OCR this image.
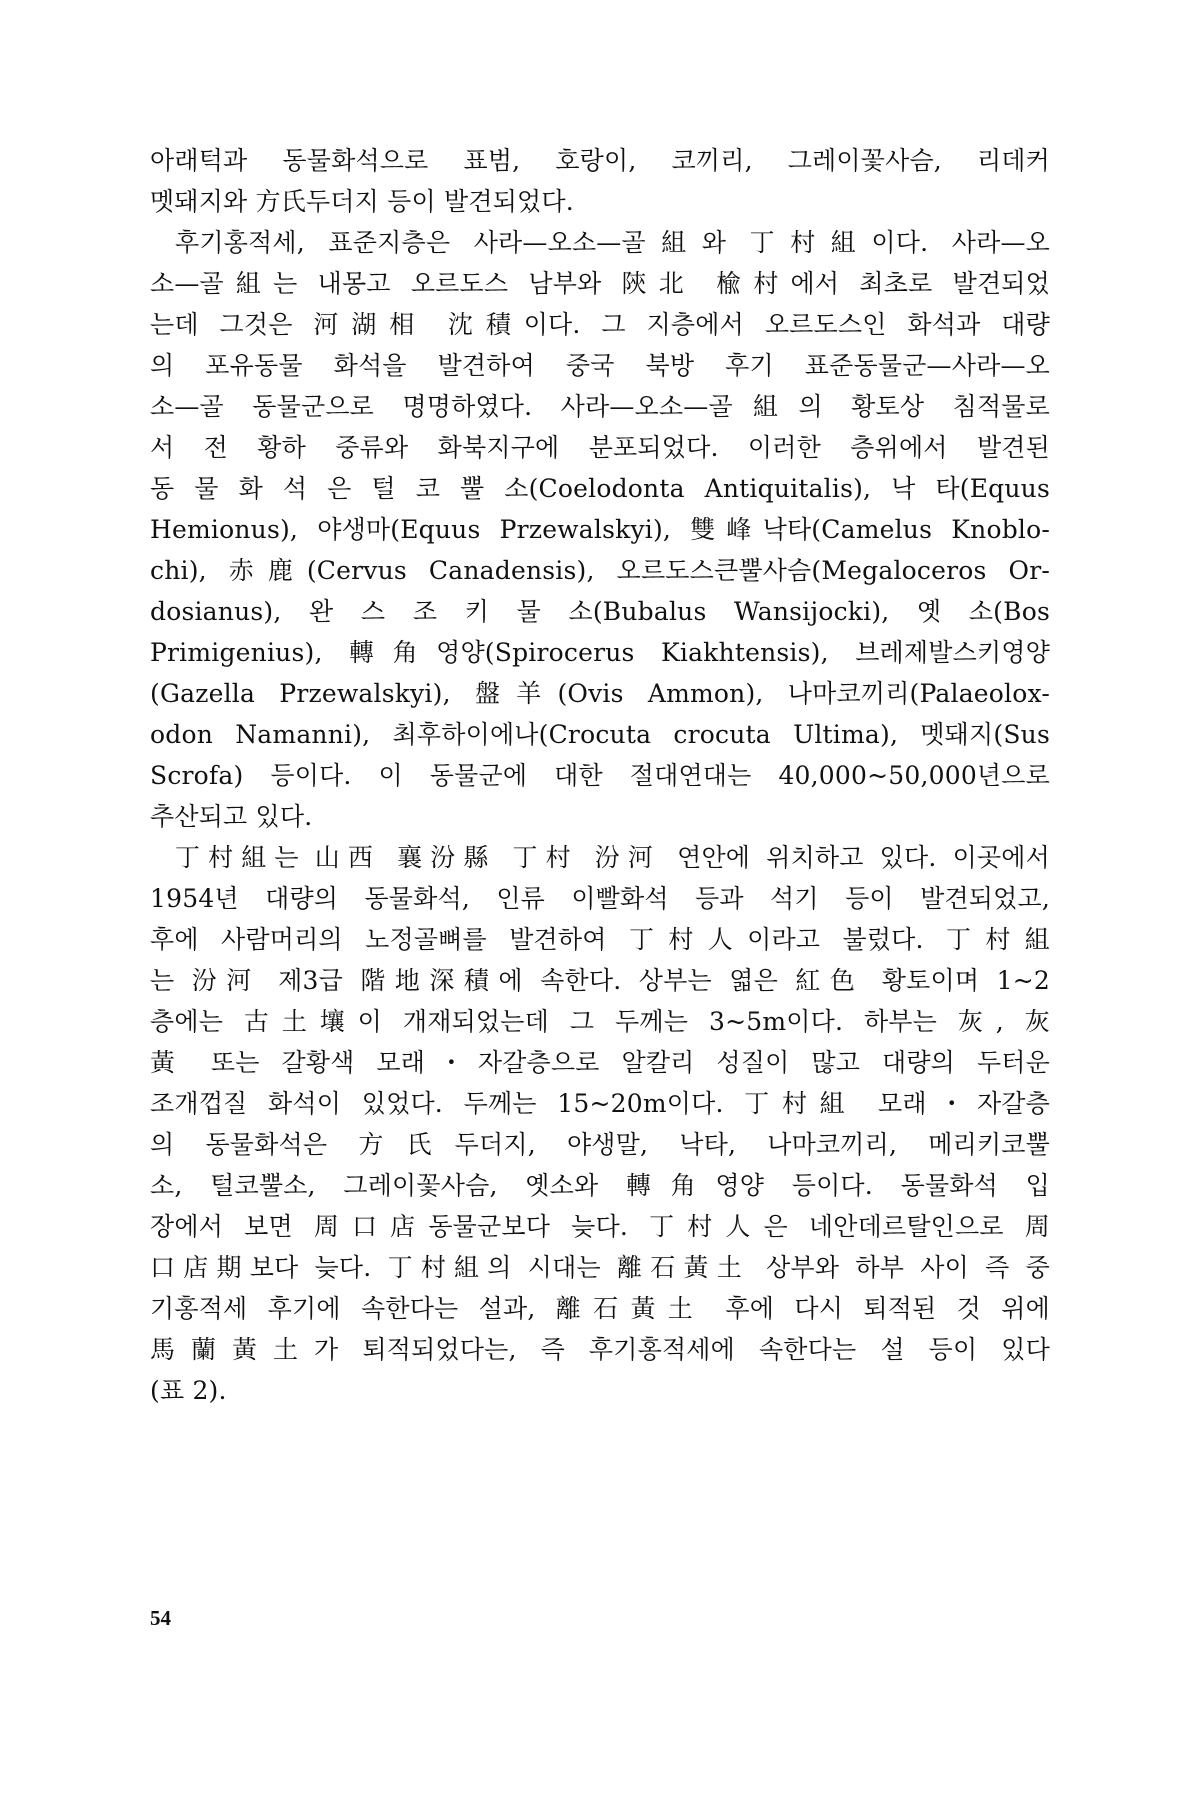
아래턱과 동물화석으로 표범, 호랑이, 코끼리, 그레이꽃사슴, 리데커
멧돼지와 方氏두더지 등이 발견되었다.
후기홍적세, 표준지층은 사라—오소—골組와 丁村組이다. 사라—오
소—골組는 내몽고 오르도스 남부와 陝北 楡村에서 최초로 발견되었
는데 그것은 河湖相 沈積이다. 그 지층에서 오르도스인 화석과 대량
의 포유동물 화석을 발견하여 중국 북방 후기 표준동물군—사라—오
소—골 동물군으로 명명하였다. 사라—오소—골組의 황토상 침적물로
서 전 황하 중류와 화북지구에 분포되었다. 이러한 층위에서 발견된
동 물 화 석 은 털 코 뿔 소(Coelodonta Antiquitalis), 낙 타(Equus
Hemionus), 야생마(Equus Przewalskyi), 雙峰낙타(Camelus Knoblo-
chi), 赤鹿(Cervus Canadensis), 오르도스큰뿔사슴(Megaloceros Or-
dosianus), 완 스 조 키 물 소(Bubalus Wansijocki), 옛 소(Bos
Primigenius), 轉角영양(Spirocerus Kiakhtensis), 브레제발스키영양
(Gazella Przewalskyi), 盤羊(Ovis Ammon), 나마코끼리(Palaeolox-
odon Namanni), 최후하이에나(Crocuta crocuta Ultima), 멧돼지(Sus
Scrofa) 등이다. 이 동물군에 대한 절대연대는 40,000~50,000년으로
추산되고 있다.
丁村組는 山西 襄汾縣 丁村 汾河 연안에 위치하고 있다. 이곳에서
1954년 대량의 동물화석, 인류 이빨화석 등과 석기 등이 발견되었고,
후에 사람머리의 노정골뼈를 발견하여 丁村人이라고 불렀다. 丁村組
는 汾河 제3급 階地深積에 속한다. 상부는 엷은 紅色 황토이며 1~2
층에는 古土壤이 개재되었는데 그 두께는 3~5m이다. 하부는 灰, 灰
黃 또는 갈황색 모래・자갈층으로 알칼리 성질이 많고 대량의 두터운
조개껍질 화석이 있었다. 두께는 15~20m이다. 丁村組 모래・자갈층
의 동물화석은 方氏두더지, 야생말, 낙타, 나마코끼리, 메리키코뿔
소, 털코뿔소, 그레이꽃사슴, 옛소와 轉角영양 등이다. 동물화석 입
장에서 보면 周口店동물군보다 늦다. 丁村人은 네안데르탈인으로 周
口店期보다 늦다. 丁村組의 시대는 離石黃土 상부와 하부 사이 즉 중
기홍적세 후기에 속한다는 설과, 離石黃土 후에 다시 퇴적된 것 위에
馬蘭黃土가 퇴적되었다는, 즉 후기홍적세에 속한다는 설 등이 있다
(표 2).
54
